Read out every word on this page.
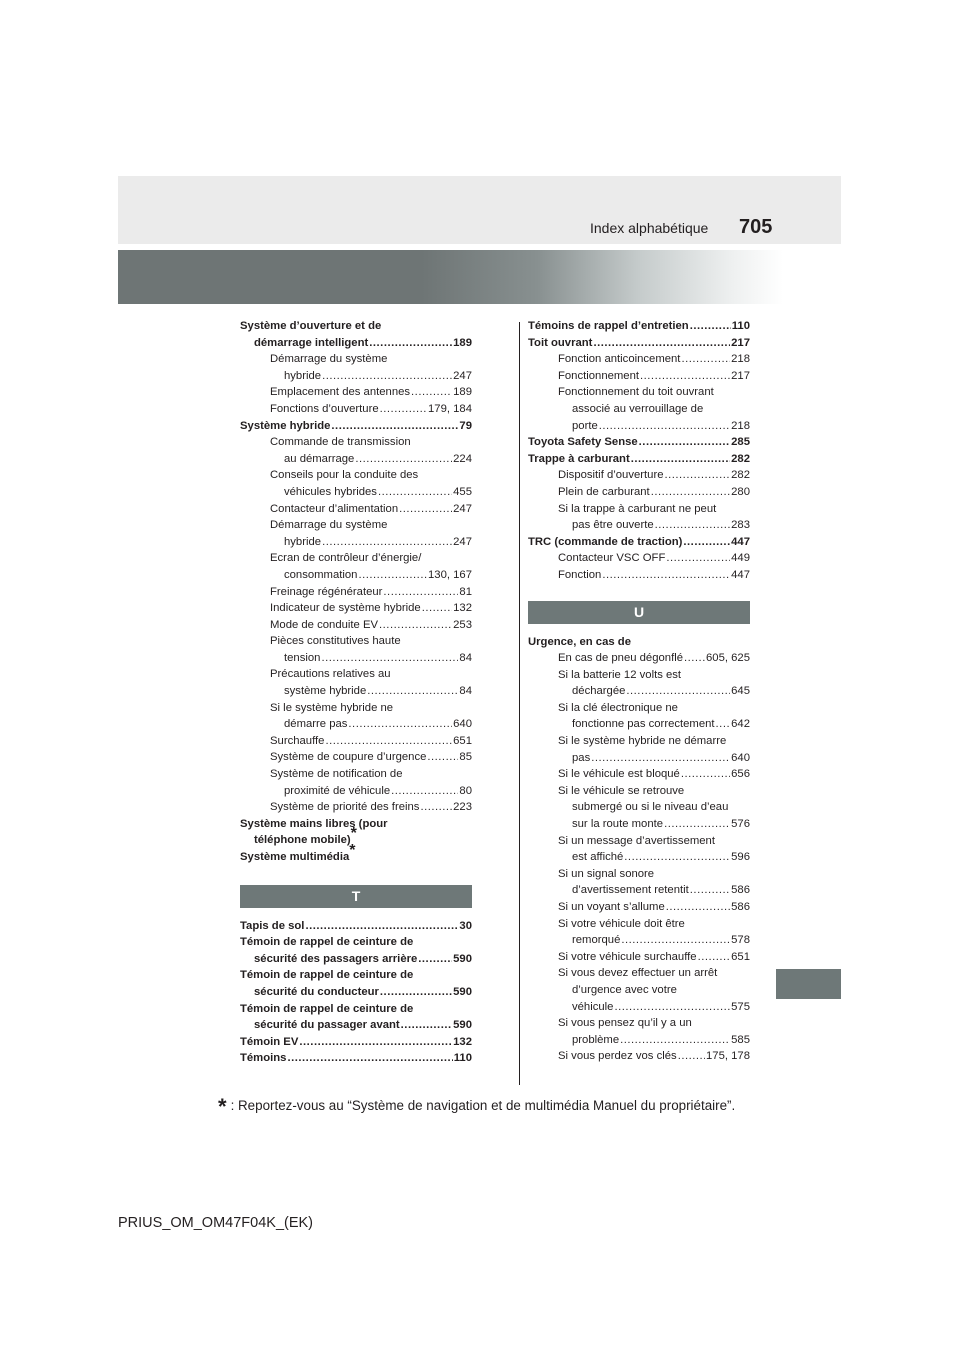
Index alphabétique 705
Système d’ouverture et de
démarrage intelligent .....	189
Démarrage du système
hybride .....	247
Emplacement des antennes .....	189
Fonctions d’ouverture .....	179, 184
Système hybride .....	79
Commande de transmission
au démarrage .....	224
Conseils pour la conduite des
véhicules hybrides .....	455
Contacteur d’alimentation .....	247
Démarrage du système
hybride .....	247
Ecran de contrôleur d’énergie/
consommation .....	130, 167
Freinage régénérateur .....	81
Indicateur de système hybride .....	132
Mode de conduite EV .....	253
Pièces constitutives haute
tension .....	84
Précautions relatives au
système hybride .....	84
Si le système hybride ne
démarre pas .....	640
Surchauffe .....	651
Système de coupure d’urgence .....	85
Système de notification de
proximité de véhicule .....	80
Système de priorité des freins .....	223
Système mains libres (pour
téléphone mobile)*
Système multimédia*
T
Tapis de sol .....	30
Témoin de rappel de ceinture de
sécurité des passagers arrière .....	590
Témoin de rappel de ceinture de
sécurité du conducteur .....	590
Témoin de rappel de ceinture de
sécurité du passager avant .....	590
Témoin EV .....	132
Témoins .....	110
Témoins de rappel d’entretien .....	110
Toit ouvrant .....	217
Fonction anticoincement .....	218
Fonctionnement .....	217
Fonctionnement du toit ouvrant
associé au verrouillage de
porte .....	218
Toyota Safety Sense .....	285
Trappe à carburant .....	282
Dispositif d’ouverture .....	282
Plein de carburant .....	280
Si la trappe à carburant ne peut
pas être ouverte .....	283
TRC (commande de traction) .....	447
Contacteur VSC OFF .....	449
Fonction .....	447
U
Urgence, en cas de
En cas de pneu dégonflé ..... 605, 625
Si la batterie 12 volts est
déchargée .....	645
Si la clé électronique ne
fonctionne pas correctement ..... 642
Si le système hybride ne démarre
pas .....	640
Si le véhicule est bloqué .....	656
Si le véhicule se retrouve
submergé ou si le niveau d’eau
sur la route monte .....	576
Si un message d’avertissement
est affiché .....	596
Si un signal sonore
d’avertissement retentit .....	586
Si un voyant s’allume .....	586
Si votre véhicule doit être
remorqué .....	578
Si votre véhicule surchauffe .....	651
Si vous devez effectuer un arrêt
d’urgence avec votre
véhicule .....	575
Si vous pensez qu’il y a un
problème .....	585
Si vous perdez vos clés .....	175, 178
* : Reportez-vous au “Système de navigation et de multimédia Manuel du propriétaire”.
PRIUS_OM_OM47F04K_(EK)
